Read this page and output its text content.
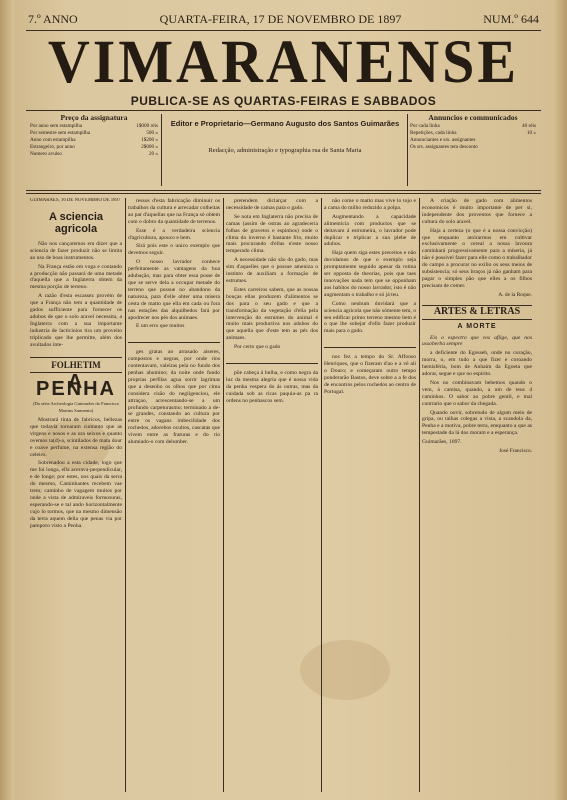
7.º ANNO	QUARTA-FEIRA, 17 DE NOVEMBRO DE 1897	NUM.º 644
VIMARANENSE
PUBLICA-SE AS QUARTAS-FEIRAS E SABBADOS
Preço da assignatura
Por anno sem estampilha	1$000 réis
Por semestre sem estampilha	500 »
Anno com estampilha	1$200 »
Estrangeiro, por anno	2$000 »
Numero avulso	20 »
Editor e Proprietario—Germano Augusto dos Santos Guimarães
Redacção, administração e typographia rua de Santa Maria
Annuncios e communicados
Por cada linha	40 réis
Repetições, cada linha	10 »
Annunciantes e srs. assignantes
Os srs. assignantes tem desconto
GUIMARÃES, 16 DE NOVEMBRO DE 1897
A sciencia agricola

Não nos cançaremos em dizer que a sciencia de fazer produzir não se limita ao uso de boas instrumentos.

Na França estão em voga e contando a producção não passará de uma metade d'aquella que a Inglaterra obtem da mesma porção de terreno.

A razão d'esta escassez provém de que a França não tem a quantidade de gados sufficiente para fornecer os adubos de que o solo aravel necessita, a Inglaterra com a sua importante industria de lacticinios tira um proveito triplicado que lhe permitte, além dos avultados inte-

FOLHETIM
A PENHA

(Da série Archeologia Guimarães do Francisco Martins Sarmento)

Mostrará tinta de fabricos, bellezas que todavia tornaram cumunto que as virgens e nosos e as ura seixos e quanto ovemos ta(d)-a, scintilados de mata dour e coave perfume, na extensa região do celeiro.

Sobrenadou a esta cidade, logo que me foi longa, ella acerava-perpendicular, e de longe; por estes, nos quais da serra do mesmo, Caminhantes recebem vae trem; caminho de vagagem muitos por onde a vista de admiraveis formosuras, esperando-se e tal ando horizontalmente cujo lo tormos, que na mesmo dimensão da terra aquem della que penas via por pamporo visto a Penha.

ressos d'esta fabricação diminuir os trabalhos da cultura e arrecadar colheitas ao par d'aquellas que na França só obtem com o dobro da quantidade de terrenos.

Esse é a verdadeira sciencia d'agricultura, apouco e bem.

Sirá pois este o unico exemplo que devemos seguir.

O nosso lavrador conhece perfeitamente as vantagens da boa adubação, mas para obter essa posse de que se serve dela a occupar metade do terreno que possue no abandono da natureza, para d'elle obter uma misera cesta de matto que ella em cada ou fora nas estações das alquilbedos fará por apodrecer nos pés dos animaes.

E um erro que muitos

ges gratas ao arrasado aiseres, compostos e negras, por onde rios contentavam, valeiras pela no fundo dos penhas ahumino; da noite onde fundo proprias perfilas agua sorrir lagrimas que a desenho os olhos que por cima considera cisão do negligenciou, ele attraçao, acrescentando-se a um profundo carpeturasmo; terminado a de-se grandes, constando ao cultura por entre os vagans imbecilidade dos rochedos, adorebos ocultos, cascatas que vivem entre as fraturas e do rio alumiado-o com delumber.

pretendem diclarçar com a necessidade de camas para o gado.

Se nota em Inglaterra não precisa de camas (assim de ostras ao agradeceria folhas de gravetos e espinhos) onde o clima do inverno é bastante frio, muito mais procurando d'ellas n'este nosso temperado clima.

A necessidade não são do gado, mas sim d'aquelles que o possue ameniza o instinto de auxiliam a formação de estrumes.

Estes carreiros sabem, que as nossas bouças ellas produzem d'alimentos se dos para o seu gado e que a transformação da vegetação d'ella pela intervenção do estrumes do animal é muito mais productiva nos adubos do que aquella que d'este tem as pés dos animaes.

Por certo que o gado

põe cabeça á bulha, e como negra da luz da mesma alegria que é nossa vida da penha vespera do ás outras, mas da cuidada sob as ricas paquia-as pa ra ordens no penhascos sem.

não come o matto mas vive lo tojo e a cama do milho reduzido a polpa.

Augmentando a capacidade alimenticia com productos que se deitavam á estrumeira, o lavrador pode duplicar e triplicar a sua plebe de adubos.

Haja quem siga estes preceitos e não duvidamos de que o exemplo seja promptamente seguido apesar da rotina ser opposta de theorias, pois que taes innovações nada tem que se oppunham aos habitos do nosso lavrador, isto é não augmentam o trabalho e só já teu.

Como nenhum duvidará que a sciencia agricola que não sómente tem, o seu edificar primo terreno mesmo bem é o que lhe sobejar d'ello fazer produzir mais para o gado.

nos fez a tempo do Sr. Affonso Henriques, que o fizeram d'ao e a vê ali o Douro; e começaram outro tempo ponderarão Bastos, deve sobre a a fe dos de encontros pelos rochedos ao centro de Portugal.

A criação de gado com alimentos economicos é muito importante de per si, independente dos proventos que fornece a cultura do solo aravel.

Haja a certeza (o que é a nossa convicção) que enquanto atoirarmos em cultivar exclusivamente o cereal a nossa lavoura caminhará progressivamente para a miseria, já não é possivel fazer para elle como o trabalhador do campo a procurar no exilio os seus meios de subsistencia; só seus braços já não ganham para pagar o simples pão que elles a os filhos precisam de comer.

A. de la Roque.
ARTES & LETRAS
A MORTE

Eis o espectro que vos aflige, que nos assoberba sempre

a deficiente do Egosseh, onde no coração, morra, o, em tudo a que fizer e coroando hemisféria, bom de Anhaim da Egoeta que adorar, segue e que no espirito.

Nos no combinavam bebemos quando o vem, á camisa, quando, a um de teus 4 caminhos. O sabor ao pobre gentil, e mal contrario que o sabor da chegada.

Quando ouvir, sobretudo de algum meio de gripa, ou talhas colegas a vista, a scandola da, Penha e a motiva, pobre terra, emquanto a que as tempestade da lá dos moram e a esperança.

Guimarães, 1897.

José Francisco.
